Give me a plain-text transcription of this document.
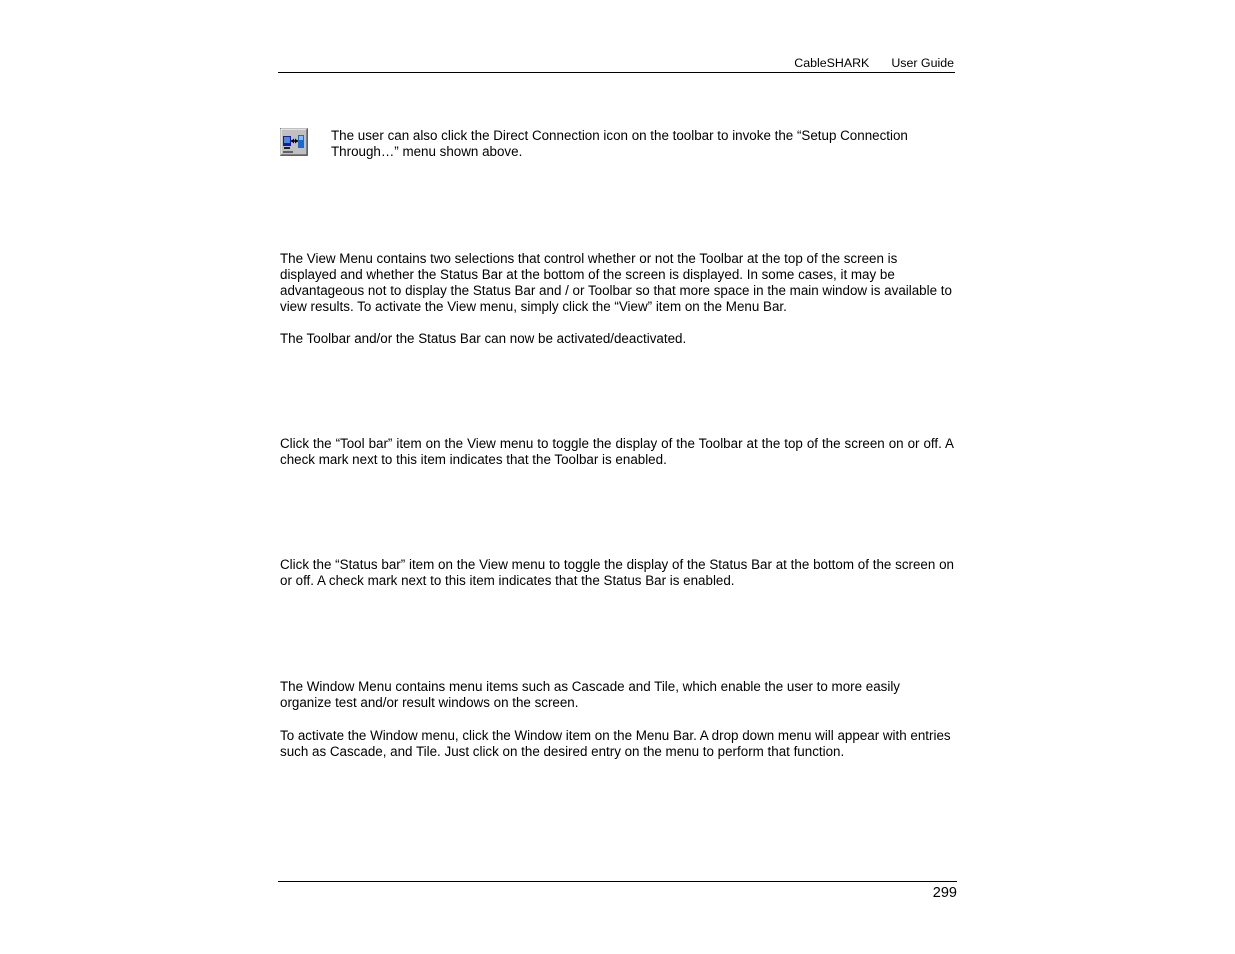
CableSHARK User Guide

The user can also click the Direct Connection icon on the toolbar to invoke the “Setup Connection Through…” menu shown above.

The View Menu contains two selections that control whether or not the Toolbar at the top of the screen is displayed and whether the Status Bar at the bottom of the screen is displayed. In some cases, it may be advantageous not to display the Status Bar and / or Toolbar so that more space in the main window is available to view results. To activate the View menu, simply click the “View” item on the Menu Bar.

The Toolbar and/or the Status Bar can now be activated/deactivated.

Click the “Tool bar” item on the View menu to toggle the display of the Toolbar at the top of the screen on or off. A check mark next to this item indicates that the Toolbar is enabled.

Click the “Status bar” item on the View menu to toggle the display of the Status Bar at the bottom of the screen on or off. A check mark next to this item indicates that the Status Bar is enabled.

The Window Menu contains menu items such as Cascade and Tile, which enable the user to more easily organize test and/or result windows on the screen.

To activate the Window menu, click the Window item on the Menu Bar. A drop down menu will appear with entries such as Cascade, and Tile. Just click on the desired entry on the menu to perform that function.

299
